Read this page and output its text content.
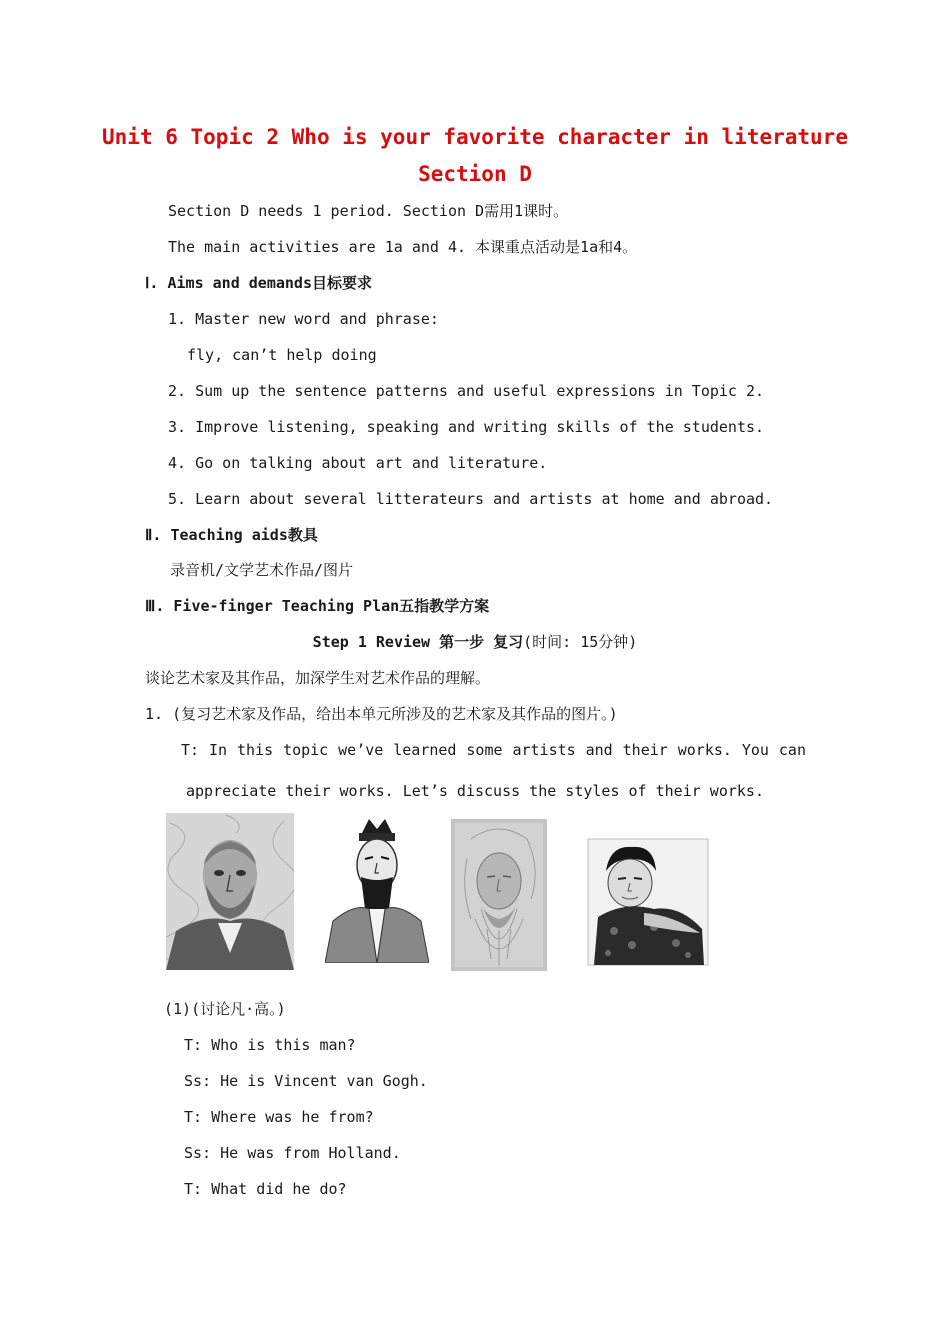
Unit 6 Topic 2 Who is your favorite character in literature
Section D
Section D needs 1 period. Section D需用1课时。
The main activities are 1a and 4. 本课重点活动是1a和4。
Ⅰ. Aims and demands目标要求
1. Master new word and phrase:
fly, can’t help doing
2. Sum up the sentence patterns and useful expressions in Topic 2.
3. Improve listening, speaking and writing skills of the students.
4. Go on talking about art and literature.
5. Learn about several litterateurs and artists at home and abroad.
Ⅱ. Teaching aids教具
录音机/文学艺术作品/图片
Ⅲ. Five-finger Teaching Plan五指教学方案
Step 1 Review 第一步 复习(时间: 15分钟)
谈论艺术家及其作品，加深学生对艺术作品的理解。
1. (复习艺术家及作品，给出本单元所涉及的艺术家及其作品的图片。)
T: In this topic we’ve learned some artists and their works. You can
appreciate their works. Let’s discuss the styles of their works.
(1)(讨论凡·高。)
T: Who is this man?
Ss: He is Vincent van Gogh.
T: Where was he from?
Ss: He was from Holland.
T: What did he do?
